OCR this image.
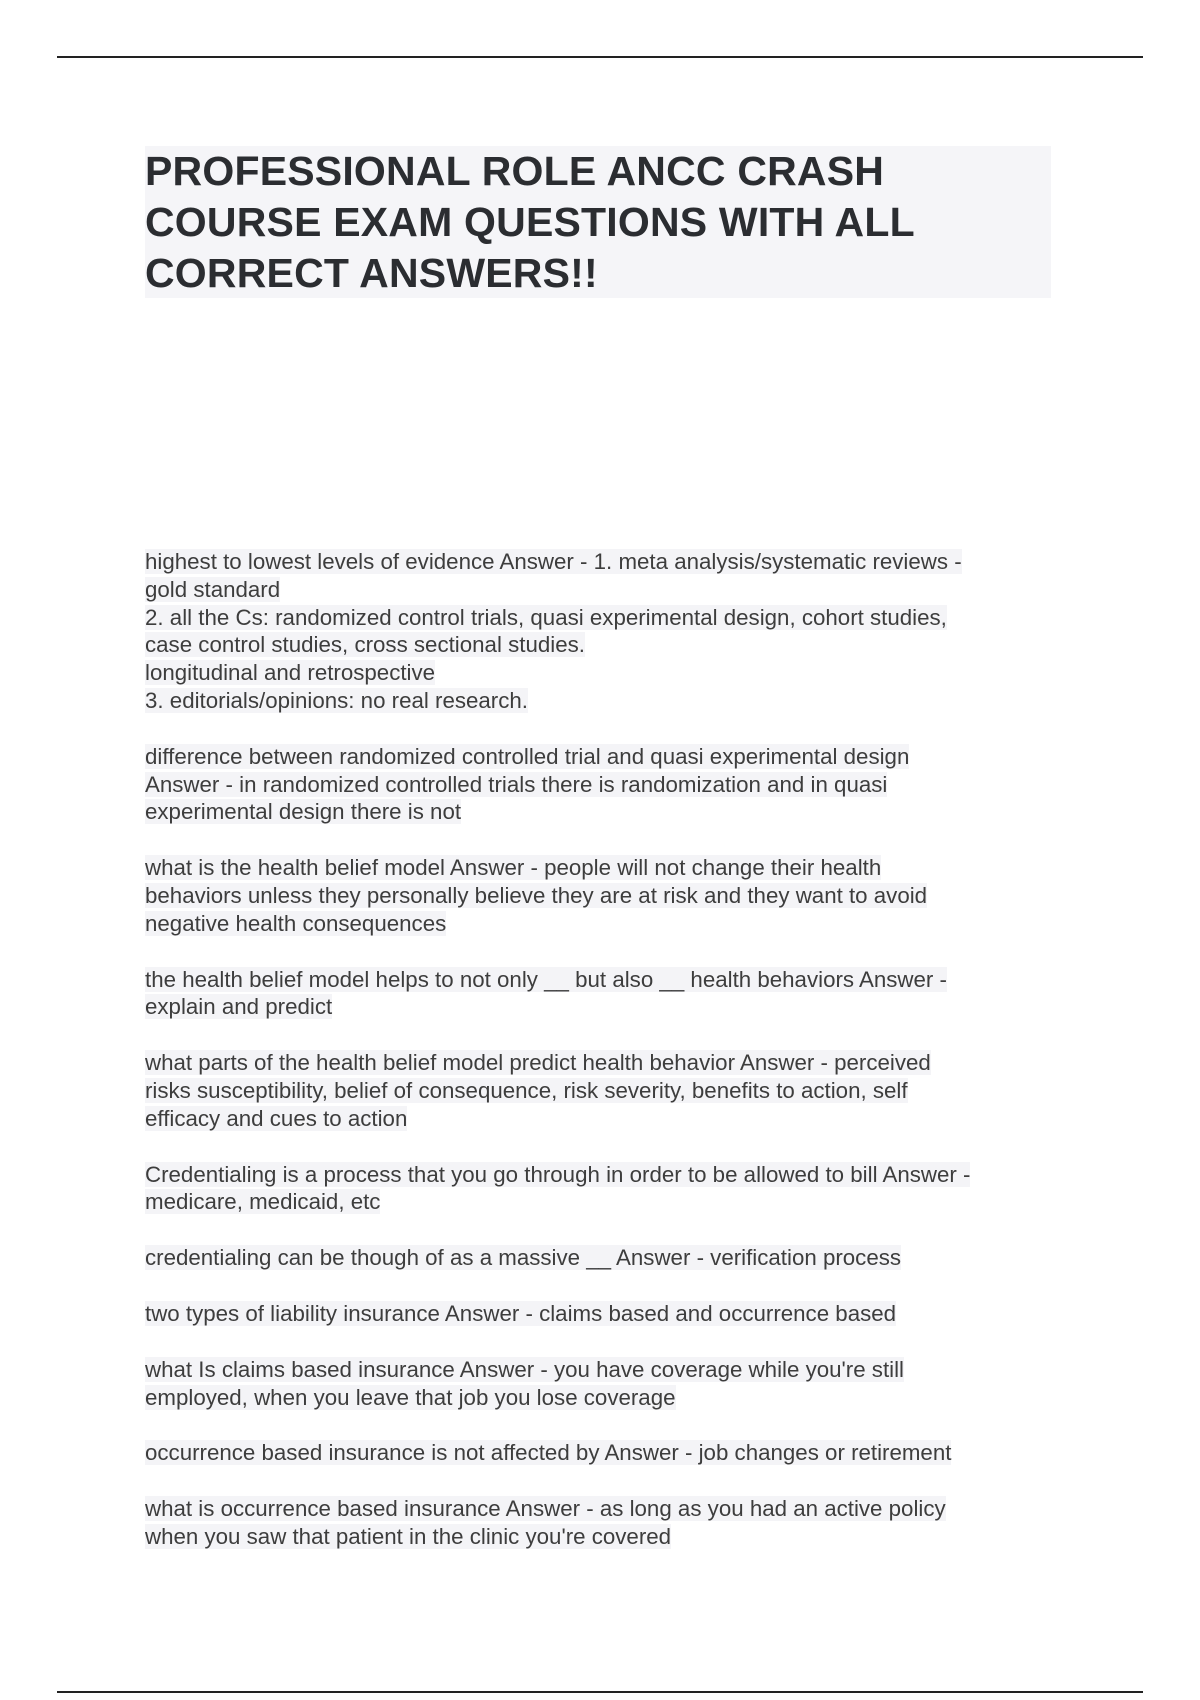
PROFESSIONAL ROLE ANCC CRASH
COURSE EXAM QUESTIONS WITH ALL
CORRECT ANSWERS!!

highest to lowest levels of evidence Answer - 1. meta analysis/systematic reviews -
gold standard
2. all the Cs: randomized control trials, quasi experimental design, cohort studies,
case control studies, cross sectional studies.
longitudinal and retrospective
3. editorials/opinions: no real research.

difference between randomized controlled trial and quasi experimental design
Answer - in randomized controlled trials there is randomization and in quasi
experimental design there is not

what is the health belief model Answer - people will not change their health
behaviors unless they personally believe they are at risk and they want to avoid
negative health consequences

the health belief model helps to not only __ but also __ health behaviors Answer -
explain and predict

what parts of the health belief model predict health behavior Answer - perceived
risks susceptibility, belief of consequence, risk severity, benefits to action, self
efficacy and cues to action

Credentialing is a process that you go through in order to be allowed to bill Answer -
medicare, medicaid, etc

credentialing can be though of as a massive __ Answer - verification process

two types of liability insurance Answer - claims based and occurrence based

what Is claims based insurance Answer - you have coverage while you're still
employed, when you leave that job you lose coverage

occurrence based insurance is not affected by Answer - job changes or retirement

what is occurrence based insurance Answer - as long as you had an active policy
when you saw that patient in the clinic you're covered
